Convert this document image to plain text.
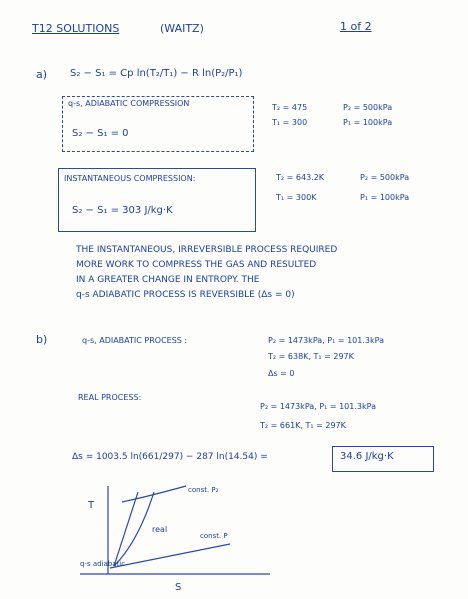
T12 SOLUTIONS	(WAITZ)	1 of 2
a) S₂ − S₁ = Cp ln(T₂/T₁) − R ln(P₂/P₁)
q-s, ADIABATIC COMPRESSION
S₂ − S₁ = 0
T₂ = 475
T₁ = 300
P₂ = 500kPa
P₁ = 100kPa
INSTANTANEOUS COMPRESSION:
S₂ − S₁ = 303 J/kg·K
T₂ = 643.2K
T₁ = 300K
P₂ = 500kPa
P₁ = 100kPa
THE INSTANTANEOUS, IRREVERSIBLE PROCESS REQUIRED
MORE WORK TO COMPRESS THE GAS AND RESULTED
IN A GREATER CHANGE IN ENTROPY. THE
q-s ADIABATIC PROCESS IS REVERSIBLE (Δs = 0)
b)	q-s, ADIABATIC PROCESS :	P₂ = 1473kPa, P₁ = 101.3kPa
T₂ = 638K, T₁ = 297K
Δs = 0
REAL PROCESS:
P₂ = 1473kPa, P₁ = 101.3kPa
T₂ = 661K, T₁ = 297K
Δs = 1003.5 ln(661/297) − 287 ln(14.54) =	34.6 J/kg·K
T
S
const. P₂
real
const. P
q-s adiabatic
